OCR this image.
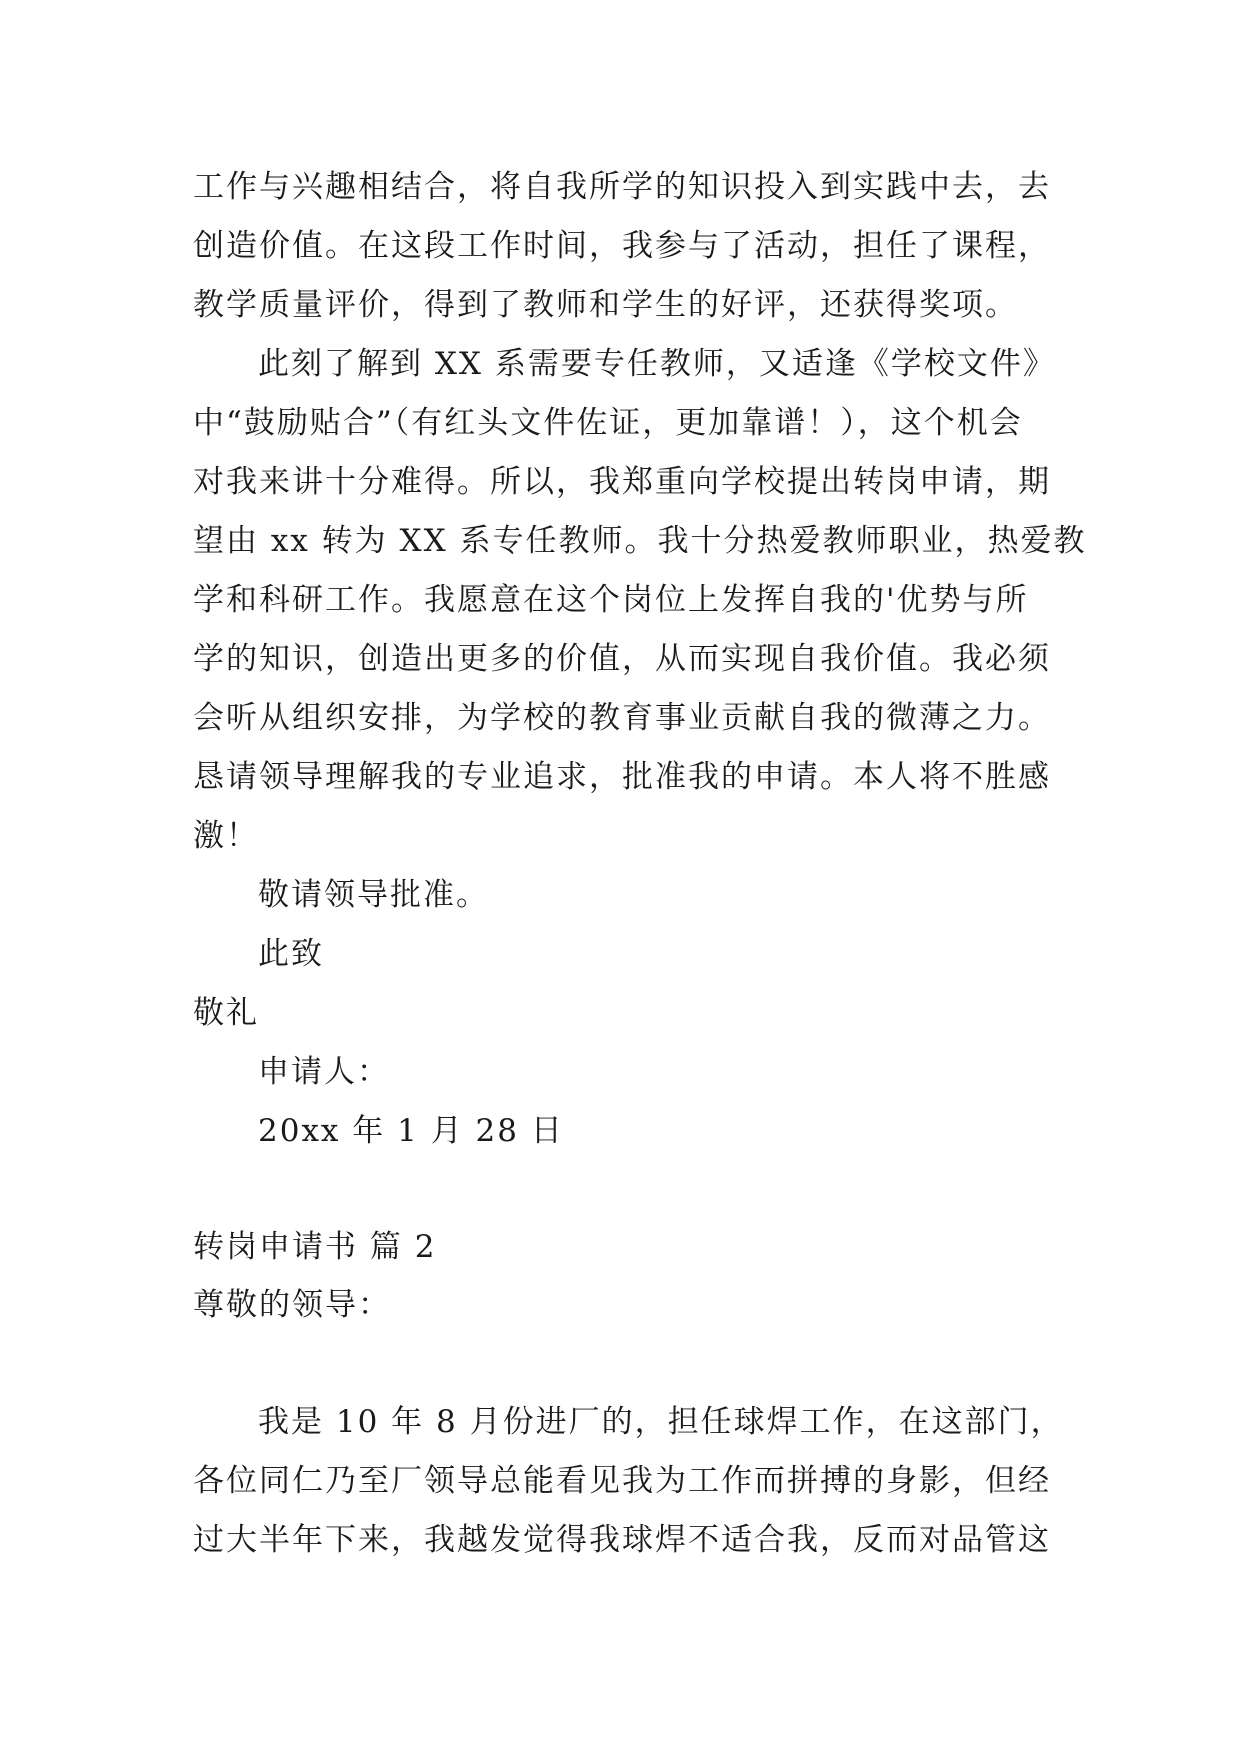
工作与兴趣相结合，将自我所学的知识投入到实践中去，去

创造价值。在这段工作时间，我参与了活动，担任了课程，

教学质量评价，得到了教师和学生的好评，还获得奖项。

此刻了解到 XX 系需要专任教师，又适逢《学校文件》

中“鼓励贴合”（有红头文件佐证，更加靠谱！），这个机会

对我来讲十分难得。所以，我郑重向学校提出转岗申请，期

望由 xx 转为 XX 系专任教师。我十分热爱教师职业，热爱教

学和科研工作。我愿意在这个岗位上发挥自我的'优势与所

学的知识，创造出更多的价值，从而实现自我价值。我必须

会听从组织安排，为学校的教育事业贡献自我的微薄之力。

恳请领导理解我的专业追求，批准我的申请。本人将不胜感

激！

敬请领导批准。

此致

敬礼

申请人：

20xx 年 1 月 28 日

转岗申请书 篇 2

尊敬的领导：

我是 10 年 8 月份进厂的，担任球焊工作，在这部门，

各位同仁乃至厂领导总能看见我为工作而拼搏的身影，但经

过大半年下来，我越发觉得我球焊不适合我，反而对品管这
